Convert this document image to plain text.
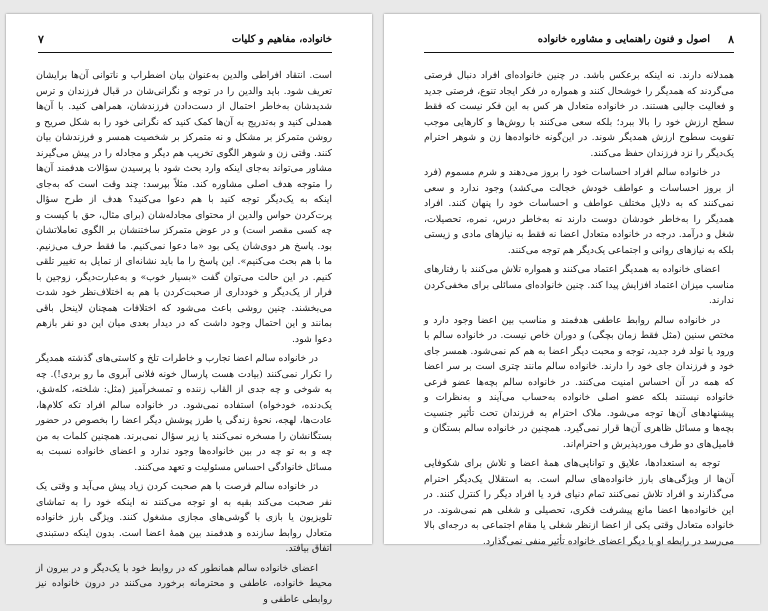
خانواده، مفاهیم و کلیات
۷

است. انتقاد افراطی والدین به‌عنوان بیان اضطراب و ناتوانی آن‌ها برایشان تعریف شود. باید والدین را در توجه و نگرانی‌شان در قبال فرزندان و ترس شدیدشان به‌خاطر احتمال از دست‌دادن فرزندشان، همراهی کنید. با آن‌ها همدلی کنید و به‌تدریج به آن‌ها کمک کنید که نگرانی خود را به شکل صریح و روشن متمرکز بر مشکل و نه متمرکز بر شخصیت همسر و فرزندشان بیان کنند. وقتی زن و شوهر الگوی تخریب هم دیگر و مجادله را در پیش می‌گیرند مشاور می‌تواند به‌جای اینکه وارد بحث شود با پرسیدن سؤالات هدفمند آن‌ها را متوجه هدف اصلی مشاوره کند. مثلاً بپرسد: چند وقت است که به‌جای اینکه به یک‌دیگر توجه کنید با هم دعوا می‌کنید؟ هدف از طرح سؤال پرت‌کردن حواس والدین از محتوای مجادله‌شان (برای مثال، حق با کیست و چه کسی مقصر است) و در عوض متمرکز ساختنشان بر الگوی تعاملاتشان بود. پاسخ هر دوی‌شان یکی بود «ما دعوا نمی‌کنیم. ما فقط حرف می‌زنیم. ما با هم بحث می‌کنیم». این پاسخ را ما باید نشانه‌ای از تمایل به تغییر تلقی کنیم. در این حالت می‌توان گفت «بسیار خوب» و به‌عبارت‌دیگر، زوجین با فرار از یک‌دیگر و خودداری از صحبت‌کردن با هم به اختلاف‌نظر خود شدت می‌بخشند. چنین روشی باعث می‌شود که اختلافات همچنان لاینحل باقی بمانند و این احتمال وجود داشت که در دیدار بعدی میان این دو نفر بازهم دعوا شود.

در خانواده سالم اعضا تجارب و خاطرات تلخ و کاستی‌های گذشته همدیگر را تکرار نمی‌کنند (بیادت هست پارسال خونه فلانی آبروی ما رو بردی!). چه به شوخی و چه جدی از القاب زننده و تمسخرآمیز (مثل: شلخته، کله‌شق، یک‌دنده، خودخواه) استفاده نمی‌شود. در خانواده سالم افراد تکه کلام‌ها، عادت‌ها، لهجه، نحوهٔ زندگی یا طرز پوشش دیگر اعضا را بخصوص در حضور بستگانشان را مسخره نمی‌کنند یا زیر سؤال نمی‌برند. همچنین کلمات به من چه و به تو چه در بین خانواده‌ها وجود ندارد و اعضای خانواده نسبت به مسائل خانوادگی احساس مسئولیت و تعهد می‌کنند.

در خانواده سالم فرصت با هم صحبت کردن زیاد پیش می‌آید و وقتی یک نفر صحبت می‌کند بقیه به او توجه می‌کنند نه اینکه خود را به تماشای تلویزیون یا بازی با گوشی‌های مجازی مشغول کنند. ویژگی بارز خانواده متعادل روابط سازنده و هدفمند بین همهٔ اعضا است. بدون اینکه دستبندی اتفاق بیافتد.

اعضای خانواده سالم همانطور که در روابط خود با یک‌دیگر و در بیرون از محیط خانواده، عاطفی و محترمانه برخورد می‌کنند در درون خانواده نیز روابطی عاطفی و

اصول و فنون راهنمایی و مشاوره خانواده ۸

همدلانه دارند. نه اینکه برعکس باشد. در چنین خانواده‌ای افراد دنبال فرصتی می‌گردند که همدیگر را خوشحال کنند و همواره در فکر ایجاد تنوع، فرصتی جدید و فعالیت جالبی هستند. در خانواده متعادل هر کس به این فکر نیست که فقط سطح ارزش خود را بالا ببرد؛ بلکه سعی می‌کنند با روش‌ها و کارهایی موجب تقویت سطوح ارزش همدیگر شوند. در این‌گونه خانواده‌ها زن و شوهر احترام یک‌دیگر را نزد فرزندان حفظ می‌کنند.

در خانواده سالم افراد احساسات خود را بروز می‌دهند و شرم مسموم (فرد از بروز احساسات و عواطف خودش خجالت می‌کشد) وجود ندارد و سعی نمی‌کنند که به دلایل مختلف عواطف و احساسات خود را پنهان کنند. افراد همدیگر را به‌خاطر خودشان دوست دارند نه به‌خاطر درس، نمره، تحصیلات، شغل و درآمد. درجه در خانواده متعادل اعضا نه فقط به نیازهای مادی و زیستی بلکه به نیازهای روانی و اجتماعی یک‌دیگر هم توجه می‌کنند.

اعضای خانواده به همدیگر اعتماد می‌کنند و همواره تلاش می‌کنند با رفتارهای مناسب میزان اعتماد افزایش پیدا کند. چنین خانواده‌ای مسائلی برای مخفی‌کردن ندارند.

در خانواده سالم روابط عاطفی هدفمند و مناسب بین اعضا وجود دارد و مختص سنین (مثل فقط زمان بچگی) و دوران خاص نیست. در خانواده سالم با ورود یا تولد فرد جدید، توجه و محبت دیگر اعضا به هم کم نمی‌شود. همسر جای خود و فرزندان جای خود را دارند. خانواده سالم مانند چتری است بر سر اعضا که همه در آن احساس امنیت می‌کنند. در خانواده سالم بچه‌ها عضو فرعی خانواده نیستند بلکه عضو اصلی خانواده به‌حساب می‌آیند و به‌نظرات و پیشنهادهای آن‌ها توجه می‌شود. ملاک احترام به فرزندان تحت تأثیر جنسیت بچه‌ها و مسائل ظاهری آن‌ها قرار نمی‌گیرد. همچنین در خانواده سالم بستگان و فامیل‌های دو طرف موردپذیرش و احترام‌اند.

توجه به استعدادها، علایق و توانایی‌های همهٔ اعضا و تلاش برای شکوفایی آن‌ها از ویژگی‌های بارز خانواده‌های سالم است. به استقلال یک‌دیگر احترام می‌گذارند و افراد تلاش نمی‌کنند تمام دنیای فرد یا افراد دیگر را کنترل کنند. در این خانواده‌ها اعضا مانع پیشرفت فکری، تحصیلی و شغلی هم نمی‌شوند. در خانواده متعادل وقتی یکی از اعضا ازنظر شغلی یا مقام اجتماعی به درجه‌ای بالا می‌رسد در رابطه او با دیگر اعضای خانواده تأثیر منفی نمی‌گذارد.
